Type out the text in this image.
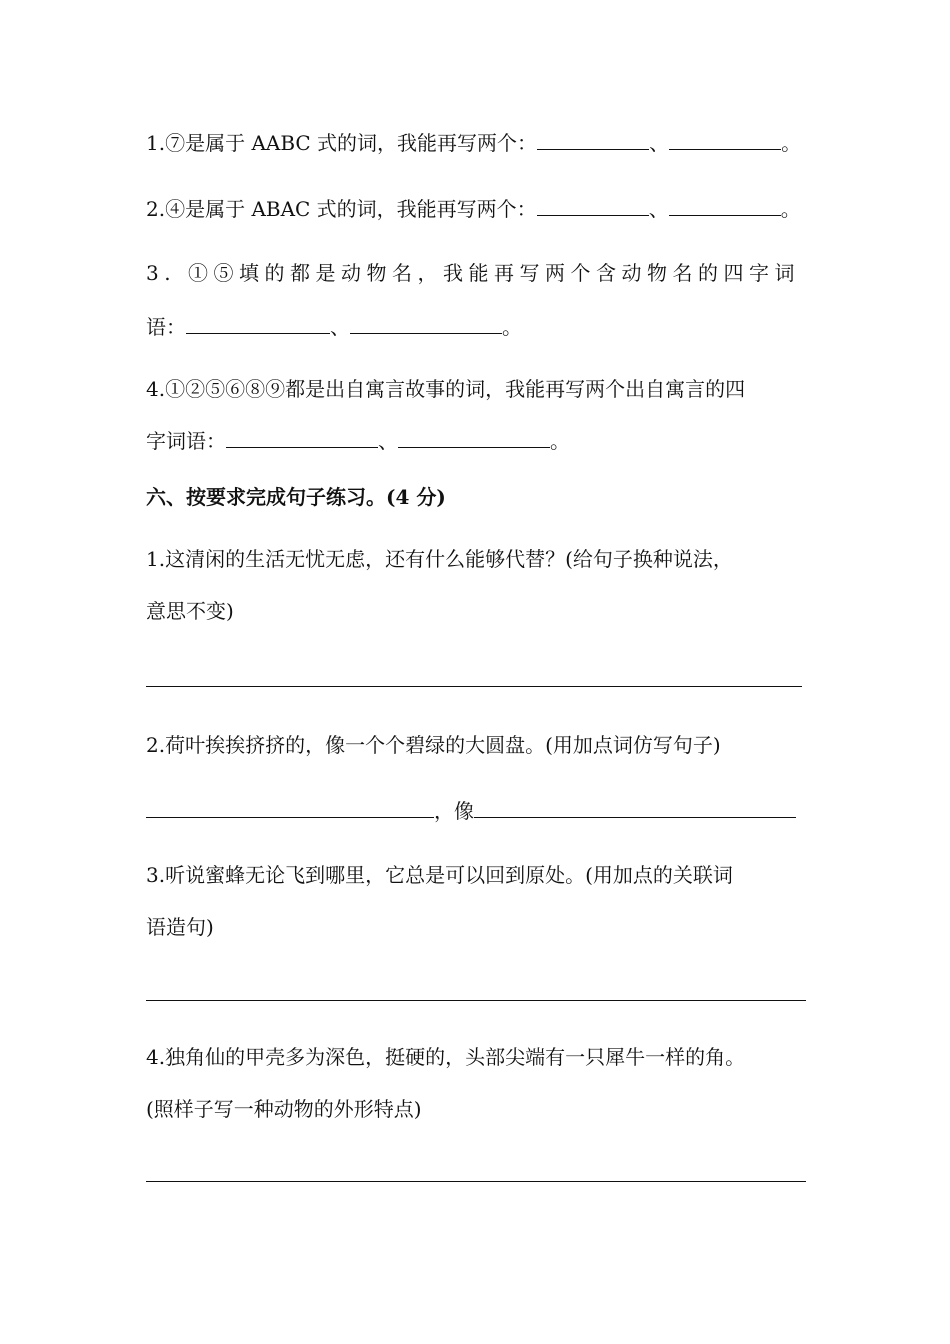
1.⑦是属于 AABC 式的词，我能再写两个：	、	。
2.④是属于 ABAC 式的词，我能再写两个：	、	。
3. ①⑤填的都是动物名，我能再写两个含动物名的四字词
语：	、	。
4.①②⑤⑥⑧⑨都是出自寓言故事的词，我能再写两个出自寓言的四
字词语：	、	。
六、按要求完成句子练习。(4 分)
1.这清闲的生活无忧无虑，还有什么能够代替？(给句子换种说法，
意思不变)
2.荷叶挨挨挤挤的，像一个个碧绿的大圆盘。(用加点词仿写句子)
，像
3.听说蜜蜂无论飞到哪里，它总是可以回到原处。(用加点的关联词
语造句)
4.独角仙的甲壳多为深色，挺硬的，头部尖端有一只犀牛一样的角。
(照样子写一种动物的外形特点)
